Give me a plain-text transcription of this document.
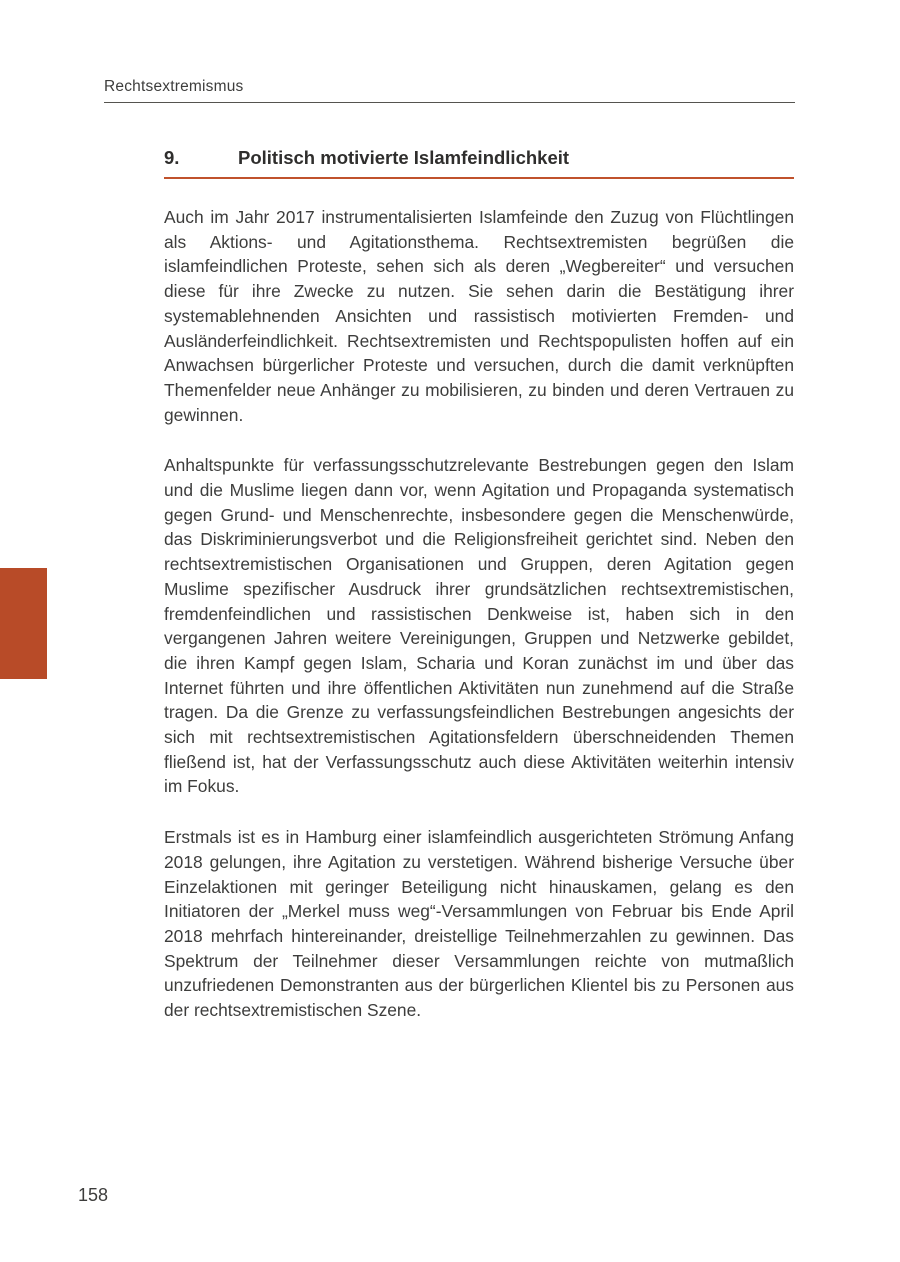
Rechtsextremismus
9.	Politisch motivierte Islamfeindlichkeit

Auch im Jahr 2017 instrumentalisierten Islamfeinde den Zuzug von Flüchtlingen als Aktions- und Agitationsthema. Rechtsextremisten begrüßen die islamfeindlichen Proteste, sehen sich als deren „Wegbereiter“ und versuchen diese für ihre Zwecke zu nutzen. Sie sehen darin die Bestätigung ihrer systemablehnenden Ansichten und rassistisch motivierten Fremden- und Ausländerfeindlichkeit. Rechtsextremisten und Rechtspopulisten hoffen auf ein Anwachsen bürgerlicher Proteste und versuchen, durch die damit verknüpften Themenfelder neue Anhänger zu mobilisieren, zu binden und deren Vertrauen zu gewinnen.

Anhaltspunkte für verfassungsschutzrelevante Bestrebungen gegen den Islam und die Muslime liegen dann vor, wenn Agitation und Propaganda systematisch gegen Grund- und Menschenrechte, insbesondere gegen die Menschenwürde, das Diskriminierungsverbot und die Religionsfreiheit gerichtet sind. Neben den rechtsextremistischen Organisationen und Gruppen, deren Agitation gegen Muslime spezifischer Ausdruck ihrer grundsätzlichen rechtsextremistischen, fremdenfeindlichen und rassistischen Denkweise ist, haben sich in den vergangenen Jahren weitere Vereinigungen, Gruppen und Netzwerke gebildet, die ihren Kampf gegen Islam, Scharia und Koran zunächst im und über das Internet führten und ihre öffentlichen Aktivitäten nun zunehmend auf die Straße tragen. Da die Grenze zu verfassungsfeindlichen Bestrebungen angesichts der sich mit rechtsextremistischen Agitationsfeldern überschneidenden Themen fließend ist, hat der Verfassungsschutz auch diese Aktivitäten weiterhin intensiv im Fokus.

Erstmals ist es in Hamburg einer islamfeindlich ausgerichteten Strömung Anfang 2018 gelungen, ihre Agitation zu verstetigen. Während bisherige Versuche über Einzelaktionen mit geringer Beteiligung nicht hinauskamen, gelang es den Initiatoren der „Merkel muss weg“-Versammlungen von Februar bis Ende April 2018 mehrfach hintereinander, dreistellige Teilnehmerzahlen zu gewinnen. Das Spektrum der Teilnehmer dieser Versammlungen reichte von mutmaßlich unzufriedenen Demonstranten aus der bürgerlichen Klientel bis zu Personen aus der rechtsextremistischen Szene.

158
